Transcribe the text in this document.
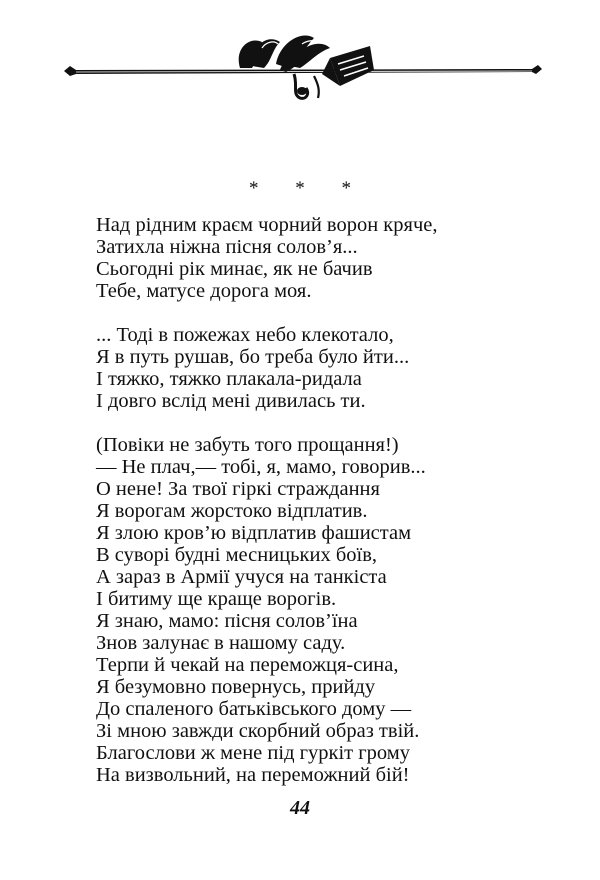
* * *
Над рідним краєм чорний ворон кряче,
Затихла ніжна пісня солов’я...
Сьогодні рік минає, як не бачив
Тебе, матусе дорога моя.
... Тоді в пожежах небо клекотало,
Я в путь рушав, бо треба було йти...
І тяжко, тяжко плакала-ридала
І довго вслід мені дивилась ти.
(Повіки не забуть того прощання!)
— Не плач,— тобі, я, мамо, говорив...
О нене! За твої гіркі страждання
Я ворогам жорстоко відплатив.
Я злою кров’ю відплатив фашистам
В суворі будні месницьких боїв,
А зараз в Армії учуся на танкіста
І битиму ще краще ворогів.
Я знаю, мамо: пісня солов’їна
Знов залунає в нашому саду.
Терпи й чекай на переможця-сина,
Я безумовно повернусь, прийду
До спаленого батьківського дому —
Зі мною завжди скорбний образ твій.
Благослови ж мене під гуркіт грому
На визвольний, на переможний бій!
44
